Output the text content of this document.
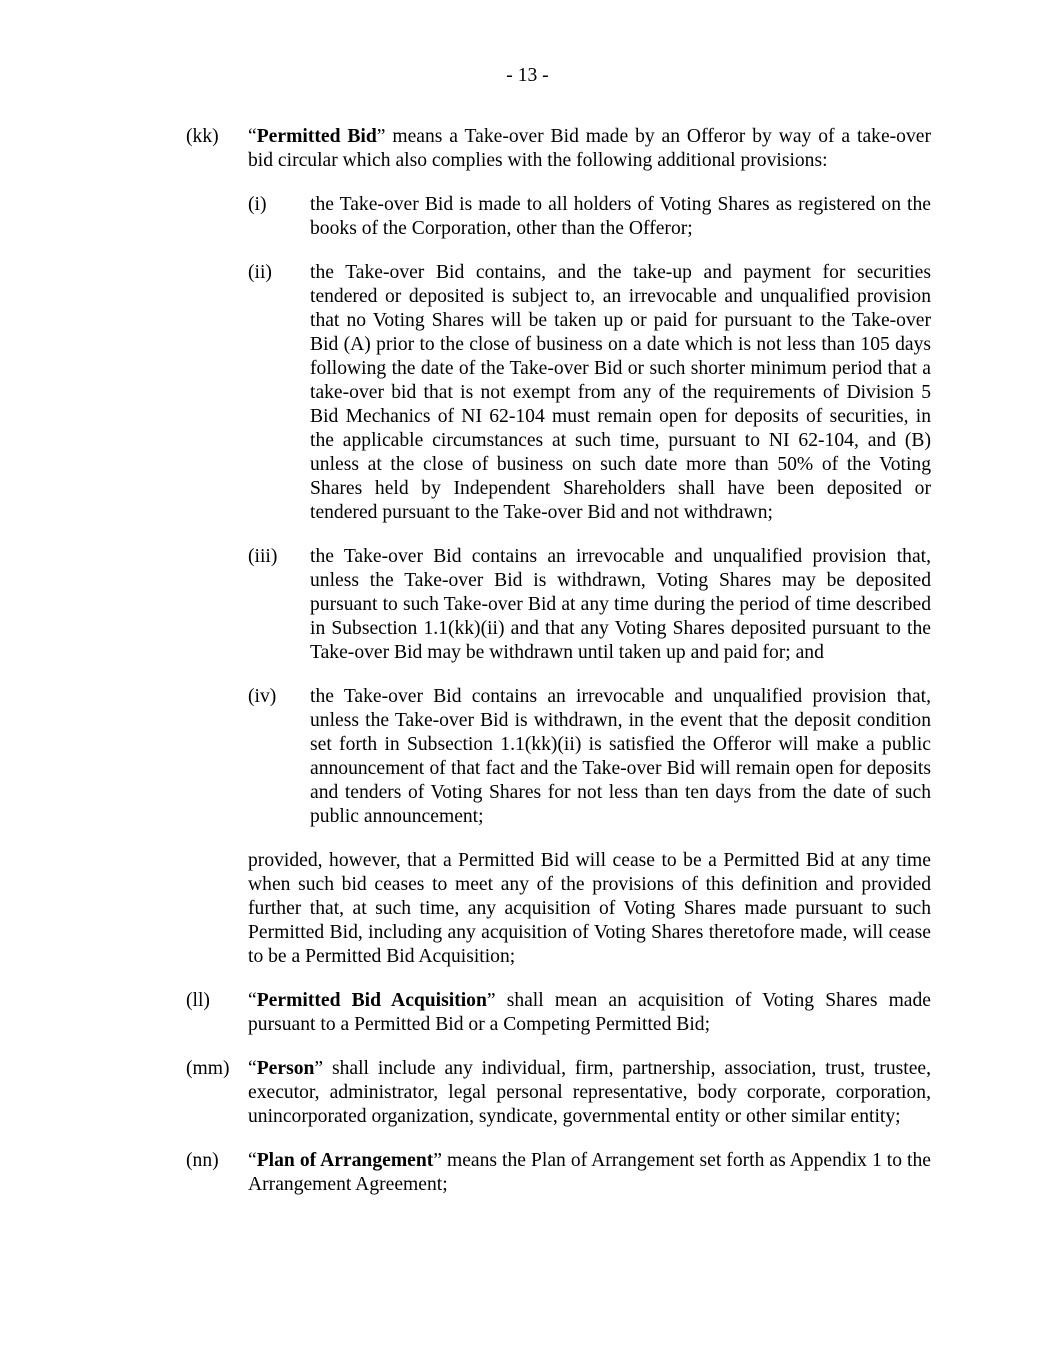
- 13 -
(kk) “Permitted Bid” means a Take-over Bid made by an Offeror by way of a take-over bid circular which also complies with the following additional provisions:
(i) the Take-over Bid is made to all holders of Voting Shares as registered on the books of the Corporation, other than the Offeror;
(ii) the Take-over Bid contains, and the take-up and payment for securities tendered or deposited is subject to, an irrevocable and unqualified provision that no Voting Shares will be taken up or paid for pursuant to the Take-over Bid (A) prior to the close of business on a date which is not less than 105 days following the date of the Take-over Bid or such shorter minimum period that a take-over bid that is not exempt from any of the requirements of Division 5 Bid Mechanics of NI 62-104 must remain open for deposits of securities, in the applicable circumstances at such time, pursuant to NI 62-104, and (B) unless at the close of business on such date more than 50% of the Voting Shares held by Independent Shareholders shall have been deposited or tendered pursuant to the Take-over Bid and not withdrawn;
(iii) the Take-over Bid contains an irrevocable and unqualified provision that, unless the Take-over Bid is withdrawn, Voting Shares may be deposited pursuant to such Take-over Bid at any time during the period of time described in Subsection 1.1(kk)(ii) and that any Voting Shares deposited pursuant to the Take-over Bid may be withdrawn until taken up and paid for; and
(iv) the Take-over Bid contains an irrevocable and unqualified provision that, unless the Take-over Bid is withdrawn, in the event that the deposit condition set forth in Subsection 1.1(kk)(ii) is satisfied the Offeror will make a public announcement of that fact and the Take-over Bid will remain open for deposits and tenders of Voting Shares for not less than ten days from the date of such public announcement;
provided, however, that a Permitted Bid will cease to be a Permitted Bid at any time when such bid ceases to meet any of the provisions of this definition and provided further that, at such time, any acquisition of Voting Shares made pursuant to such Permitted Bid, including any acquisition of Voting Shares theretofore made, will cease to be a Permitted Bid Acquisition;
(ll) “Permitted Bid Acquisition” shall mean an acquisition of Voting Shares made pursuant to a Permitted Bid or a Competing Permitted Bid;
(mm) “Person” shall include any individual, firm, partnership, association, trust, trustee, executor, administrator, legal personal representative, body corporate, corporation, unincorporated organization, syndicate, governmental entity or other similar entity;
(nn) “Plan of Arrangement” means the Plan of Arrangement set forth as Appendix 1 to the Arrangement Agreement;
